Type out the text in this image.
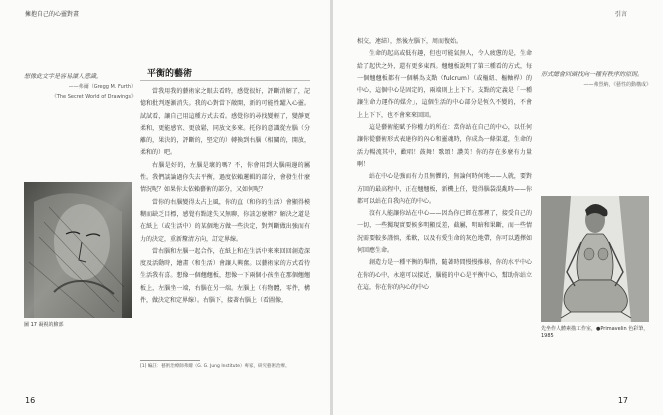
擁抱自己的心靈對畫
想像此文字是容易讓人意識，
——弗爾（Gregg M. Furth）
《The Secret World of Drawings》
平衡的藝術

當我用我的藝術家之眼去看時，感覺很好，評斷消解了，記憶和批判逐漸消失。我的心對當下敞開，新的可能性躍入心靈。試試看，讓自己用這種方式去看。感覺你的尋找變輕了，變靜更柔和，更能感官、更放鬆，同放文多來。托你的意識從左腦（分離的，果決的，評斷的，堅定的）轉換到右腦（相關的，開放，柔和的）吧。

右腦是好的，左腦是壞的嗎？不，你會用到大腦兩邊的屬性。我們談論過你失去平衡，過度依賴邏輯的部分，會發生什麼情況呢？如果你太依賴藝術的部分，又如何呢？

當你的右腦變得太占上風，你的直（和你的生活）會顯得模糊而缺乏目標，感覺有點迷失又無聊，你該怎麼辦？解決之道是在紙上（或生活中）的某個地方做一些決定，對判斷做出強而有力的決定，重新釐清方向，訂定界線。

當右腦和左腦一起合作，在紙上和在生活中來來回回創造深度及活動時，繪畫（和生活）會讓人興奮。以藝術家的方式看待生活我有喜。想像一個翹翹板，想像一下兩個小孩坐在那個翹翹板上，左腦坐一端，右腦在另一端。左腦上（有物體，零件，構件，做決定和定界線）。右腦下，接著右腦上（看圖像，

圖 17 凝視的臉部
[1] 編註：藝術治療師弗爾（G. G. Jung Institute）專家，研究藝術治療。
16
引言

相交，連結），然後左腦下，周而復始。

生命的起高或低有趣，但也可能氣無人，令人疲憊的是，生命給了起伏之外，還有更多東西。翹翹板說明了第三種看的方式，每一個翹翹板都有一個稱為支點（fulcrum）（或樞紐、樞軸桿）的中心，這個中心是固定的，兩端則上上下下。支點的定義是「一種讓生命力運作的媒介」，這個生活的中心部分是恆久不變的，不會上上下下，也不會來來回回。

這是藝術能賦予你權力的所在：當你站在自己的中心，以任何讓你從藝術形式表達你的內心和靈魂時，你成為一條渠道，生命的活力暢流其中，歡唱！鼓舞！歌頌！讚美！你的存在多麼有力量啊！

站在中心是強而有力且無懼的，無論何時何地——人就，要對方回的最高程中，正在翹翹板，新機上任，覺得腦袋混亂時——你都可以站在自我內在的中心。

沒有人能讓你站在中心——因為你已經在那裡了，接受自己的一切，一些獨現實要候多明顯反差，截屬，明暗和果斷，而一些情況需要較多謹慎，柔軟，以及有愛生命的灰色地帶，你可以選擇如何回應生命。

創造力是一種平衡的舉措，隨著時間慢慢推移，你的水平中心在你的心中，永遠可以接近，腦能的中心是平衡中心，幫助你站立在這，你在你的內心的中心

形式總會回頭找向一種有秩序的原則。
——弗烈納，《藝性的動構成》
先坐作人體素描工作室，●Primavelin 色彩筆，1985
17
